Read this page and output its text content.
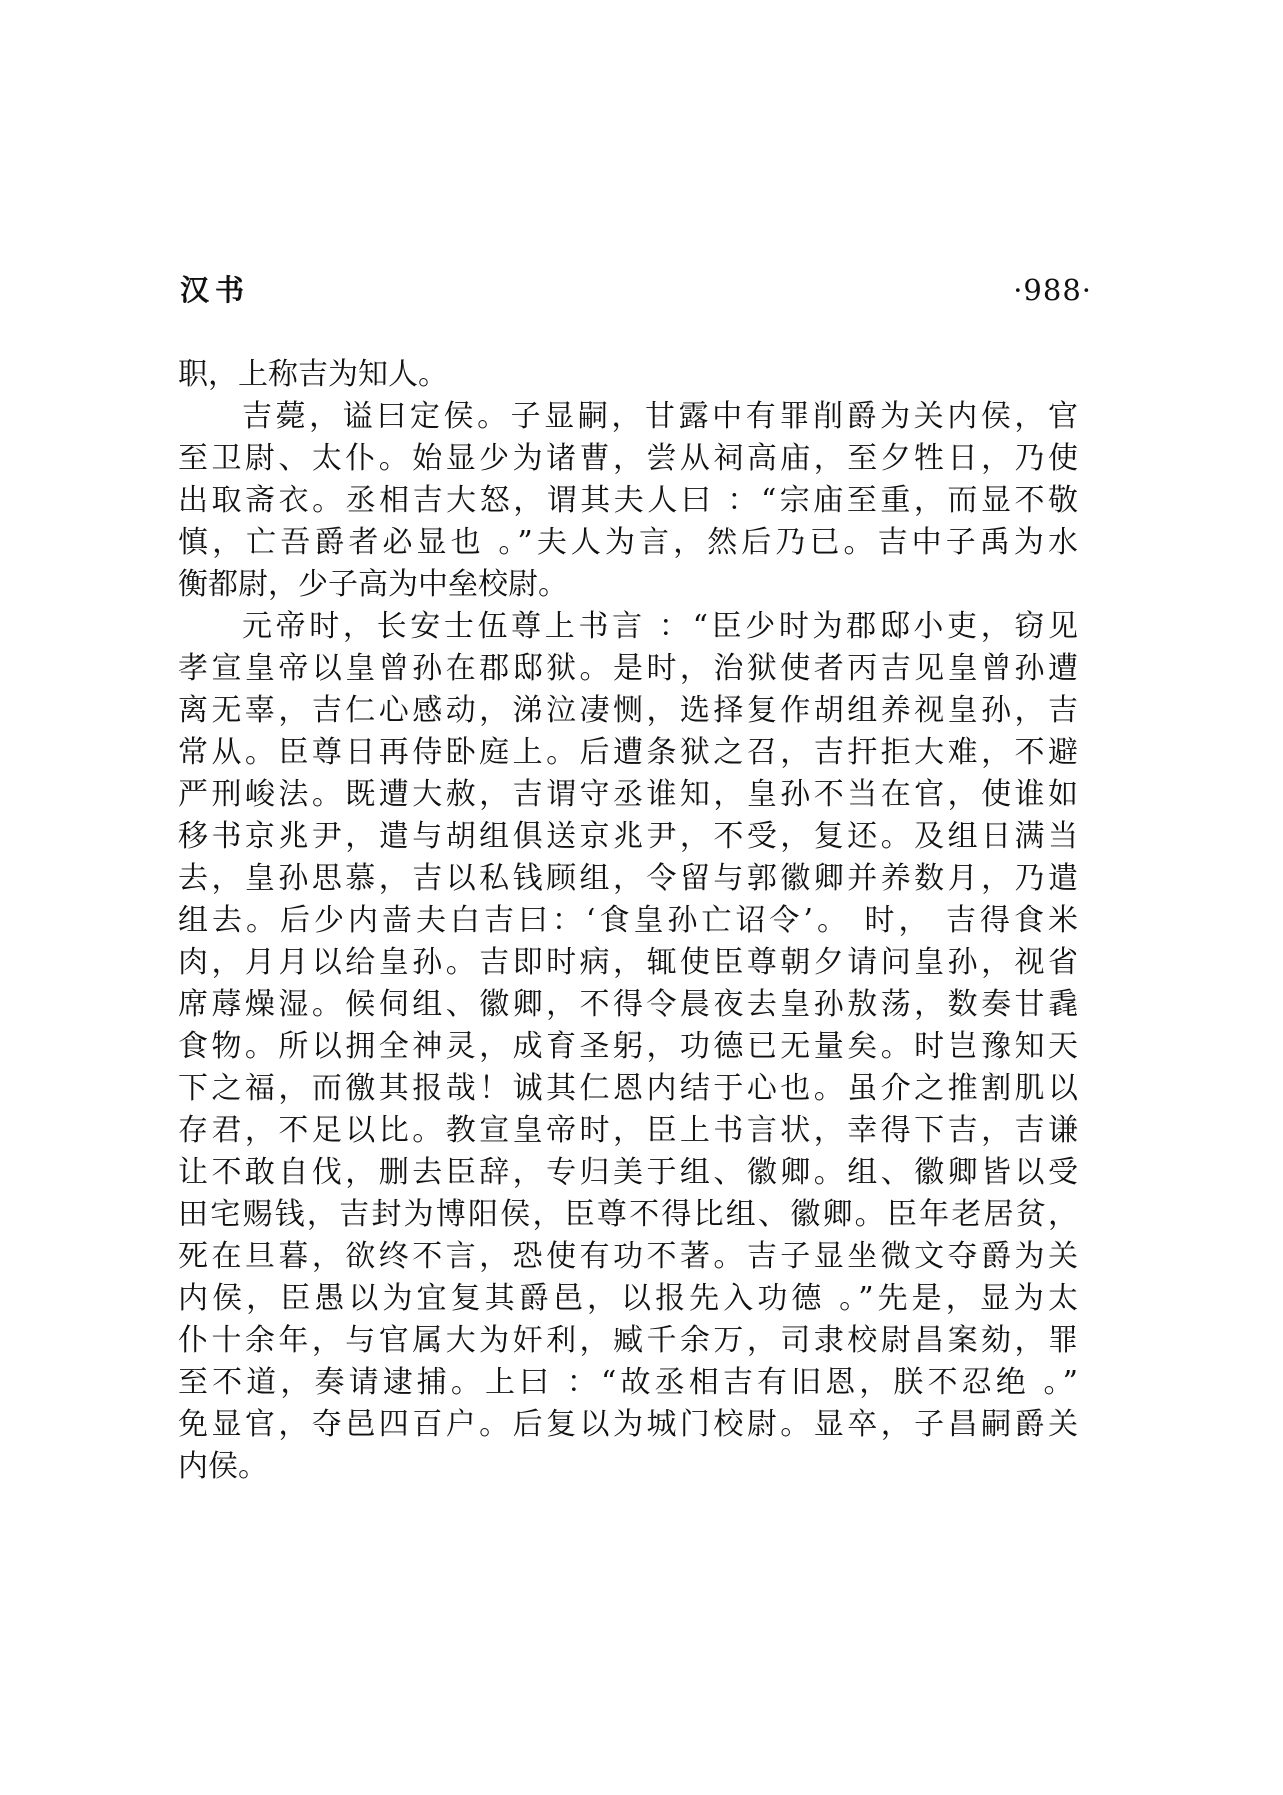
汉书	·988·
职，上称吉为知人。
吉薨，谥曰定侯。子显嗣，甘露中有罪削爵为关内侯，官
至卫尉、太仆。始显少为诸曹，尝从祠高庙，至夕牲日，乃使
出取斋衣。丞相吉大怒，谓其夫人曰 ：“宗庙至重，而显不敬
慎，亡吾爵者必显也 。”夫人为言，然后乃已。吉中子禹为水
衡都尉，少子高为中垒校尉。
元帝时，长安士伍尊上书言 ：“臣少时为郡邸小吏，窃见
孝宣皇帝以皇曾孙在郡邸狱。是时，治狱使者丙吉见皇曾孙遭
离无辜，吉仁心感动，涕泣凄恻，选择复作胡组养视皇孙，吉
常从。臣尊日再侍卧庭上。后遭条狱之召，吉扞拒大难，不避
严刑峻法。既遭大赦，吉谓守丞谁知，皇孙不当在官，使谁如
移书京兆尹，遣与胡组俱送京兆尹，不受，复还。及组日满当
去，皇孙思慕，吉以私钱顾组，令留与郭徽卿并养数月，乃遣
组去。后少内啬夫白吉曰：‘食皇孙亡诏令’。 时， 吉得食米
肉，月月以给皇孙。吉即时病，辄使臣尊朝夕请问皇孙，视省
席蓐燥湿。候伺组、徽卿，不得令晨夜去皇孙敖荡，数奏甘毳
食物。所以拥全神灵，成育圣躬，功德已无量矣。时岂豫知天
下之福，而徼其报哉！诚其仁恩内结于心也。虽介之推割肌以
存君，不足以比。教宣皇帝时，臣上书言状，幸得下吉，吉谦
让不敢自伐，删去臣辞，专归美于组、徽卿。组、徽卿皆以受
田宅赐钱，吉封为博阳侯，臣尊不得比组、徽卿。臣年老居贫，
死在旦暮，欲终不言，恐使有功不著。吉子显坐微文夺爵为关
内侯，臣愚以为宜复其爵邑，以报先入功德 。”先是，显为太
仆十余年，与官属大为奸利，臧千余万，司隶校尉昌案劾，罪
至不道，奏请逮捕。上曰 ：“故丞相吉有旧恩，朕不忍绝 。”
免显官，夺邑四百户。后复以为城门校尉。显卒，子昌嗣爵关
内侯。
